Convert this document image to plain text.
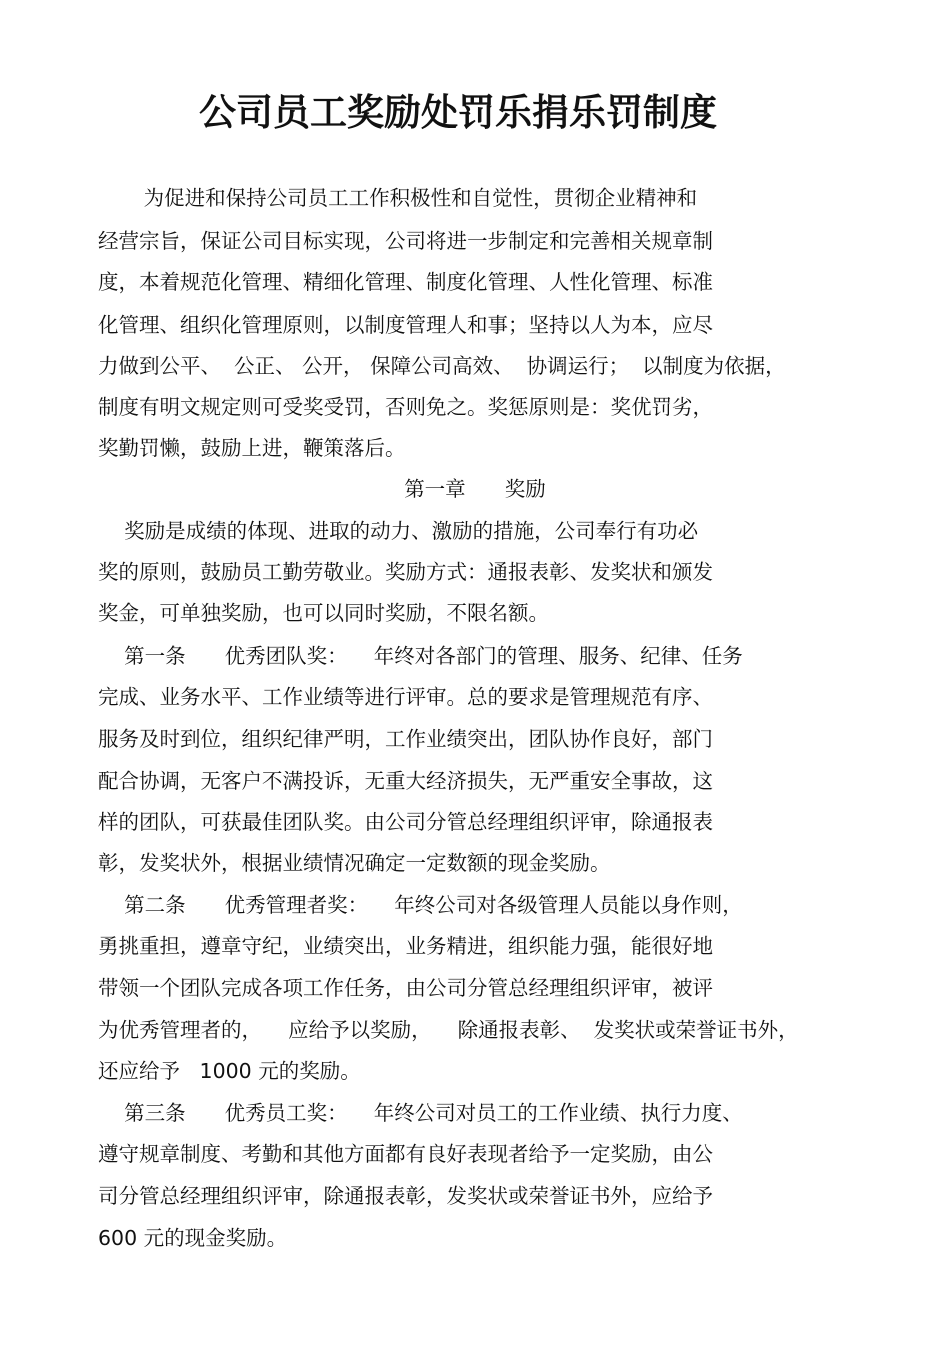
公司员工奖励处罚乐捐乐罚制度

为促进和保持公司员工工作积极性和自觉性，贯彻企业精神和

经营宗旨，保证公司目标实现，公司将进一步制定和完善相关规章制

度，本着规范化管理、精细化管理、制度化管理、人性化管理、标准

化管理、组织化管理原则，以制度管理人和事；坚持以人为本，应尽

力做到公平、  公正、 公开， 保障公司高效、  协调运行；  以制度为依据，

制度有明文规定则可受奖受罚，否则免之。奖惩原则是：奖优罚劣，

奖勤罚懒，鼓励上进，鞭策落后。

第一章      奖励

奖励是成绩的体现、进取的动力、激励的措施，公司奉行有功必

奖的原则，鼓励员工勤劳敬业。奖励方式：通报表彰、发奖状和颁发

奖金，可单独奖励，也可以同时奖励，不限名额。

第一条      优秀团队奖：    年终对各部门的管理、服务、纪律、任务

完成、业务水平、工作业绩等进行评审。总的要求是管理规范有序、

服务及时到位，组织纪律严明，工作业绩突出，团队协作良好，部门

配合协调，无客户不满投诉，无重大经济损失，无严重安全事故，这

样的团队，可获最佳团队奖。由公司分管总经理组织评审，除通报表

彰，发奖状外，根据业绩情况确定一定数额的现金奖励。

第二条      优秀管理者奖：    年终公司对各级管理人员能以身作则，

勇挑重担，遵章守纪，业绩突出，业务精进，组织能力强，能很好地

带领一个团队完成各项工作任务，由公司分管总经理组织评审，被评

为优秀管理者的，    应给予以奖励，    除通报表彰、  发奖状或荣誉证书外，

还应给予   1000 元的奖励。

第三条      优秀员工奖：    年终公司对员工的工作业绩、执行力度、

遵守规章制度、考勤和其他方面都有良好表现者给予一定奖励，由公

司分管总经理组织评审，除通报表彰，发奖状或荣誉证书外，应给予

600 元的现金奖励。
